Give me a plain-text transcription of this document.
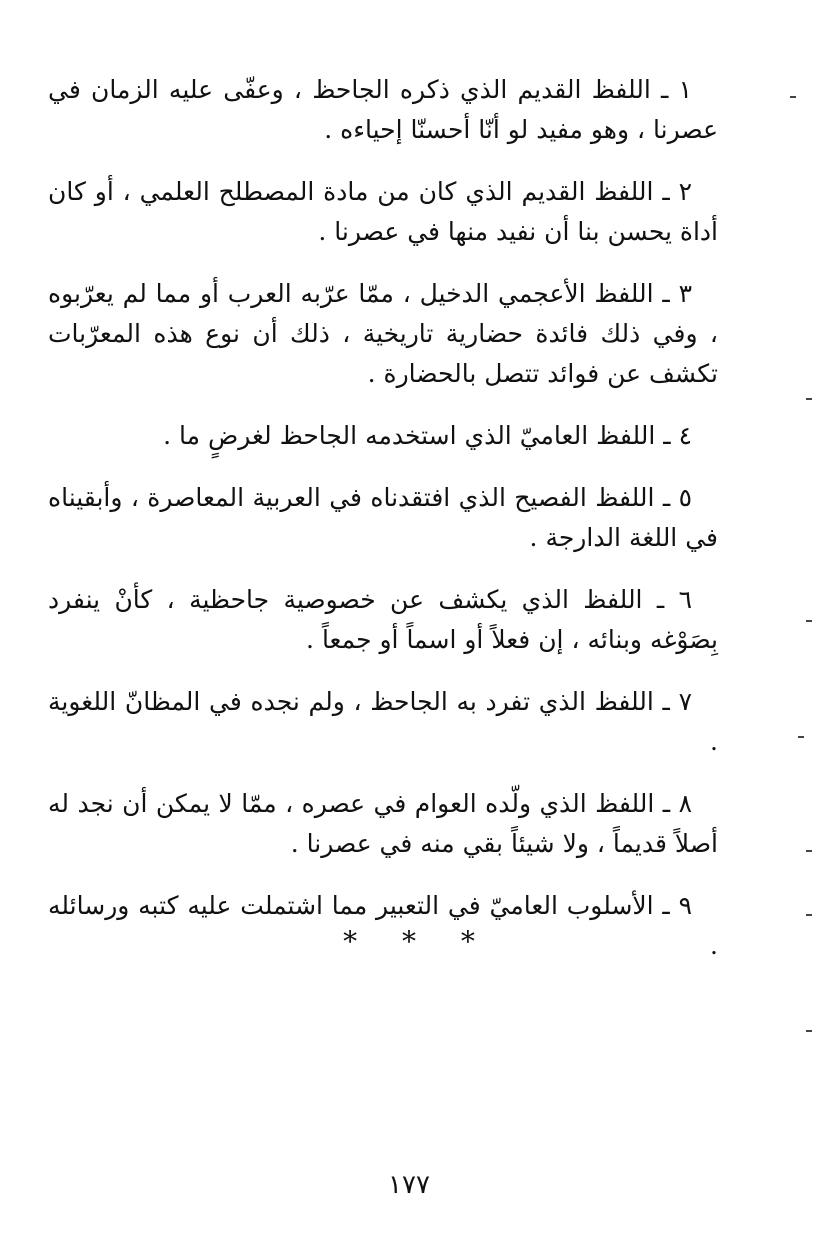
١ ـ اللفظ القديم الذي ذكره الجاحظ ، وعفّى عليه الزمان في عصرنا ، وهو مفيد لو أنّا أحسنّا إحياءه .

٢ ـ اللفظ القديم الذي كان من مادة المصطلح العلمي ، أو كان أداة يحسن بنا أن نفيد منها في عصرنا .

٣ ـ اللفظ الأعجمي الدخيل ، ممّا عرّبه العرب أو مما لم يعرّبوه ، وفي ذلك فائدة حضارية تاريخية ، ذلك أن نوع هذه المعرّبات تكشف عن فوائد تتصل بالحضارة .

٤ ـ اللفظ العاميّ الذي استخدمه الجاحظ لغرضٍ ما .

٥ ـ اللفظ الفصيح الذي افتقدناه في العربية المعاصرة ، وأبقيناه في اللغة الدارجة .

٦ ـ اللفظ الذي يكشف عن خصوصية جاحظية ، كأنْ ينفرد بِصَوْغه وبنائه ، إن فعلاً أو اسماً أو جمعاً .

٧ ـ اللفظ الذي تفرد به الجاحظ ، ولم نجده في المظانّ اللغوية .

٨ ـ اللفظ الذي ولّده العوام في عصره ، ممّا لا يمكن أن نجد له أصلاً قديماً ، ولا شيئاً بقي منه في عصرنا .

٩ ـ الأسلوب العاميّ في التعبير مما اشتملت عليه كتبه ورسائله .

* * *
١٧٧
